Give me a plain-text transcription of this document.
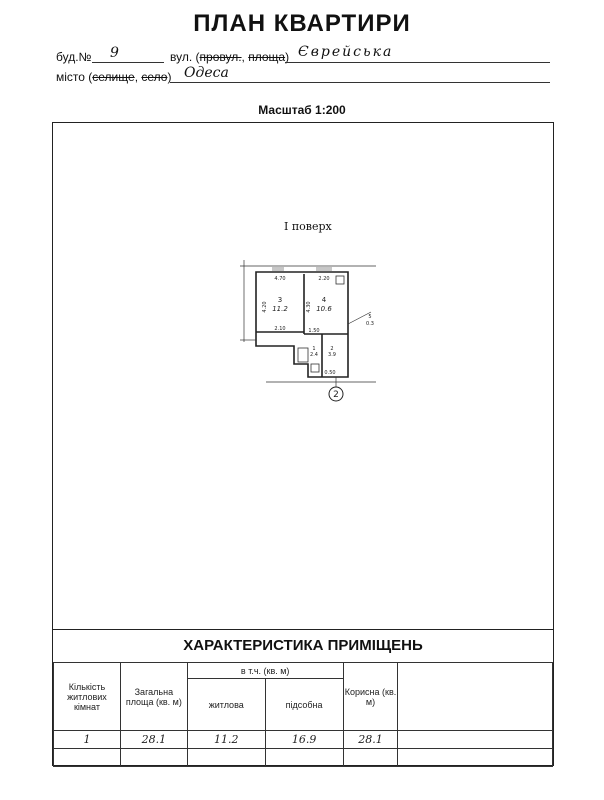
ПЛАН КВАРТИРИ
буд.№ 9	вул. (провул., площа) Єврейська
місто (селище, село) Одеса
Масштаб 1:200
І поверх
2
3
11.2
4
10.6
1
2.4
2
3.9
5
0.3
4.70	2.20
4.20	4.30
2.10	1.50
0.50
ХАРАКТЕРИСТИКА ПРИМІЩЕНЬ
Кількість житлових кімнат	Загальна площа (кв. м)	в т.ч. (кв. м)		Корисна (кв. м)	
		житлова	підсобна		
1	28.1	11.2	16.9	28.1	
